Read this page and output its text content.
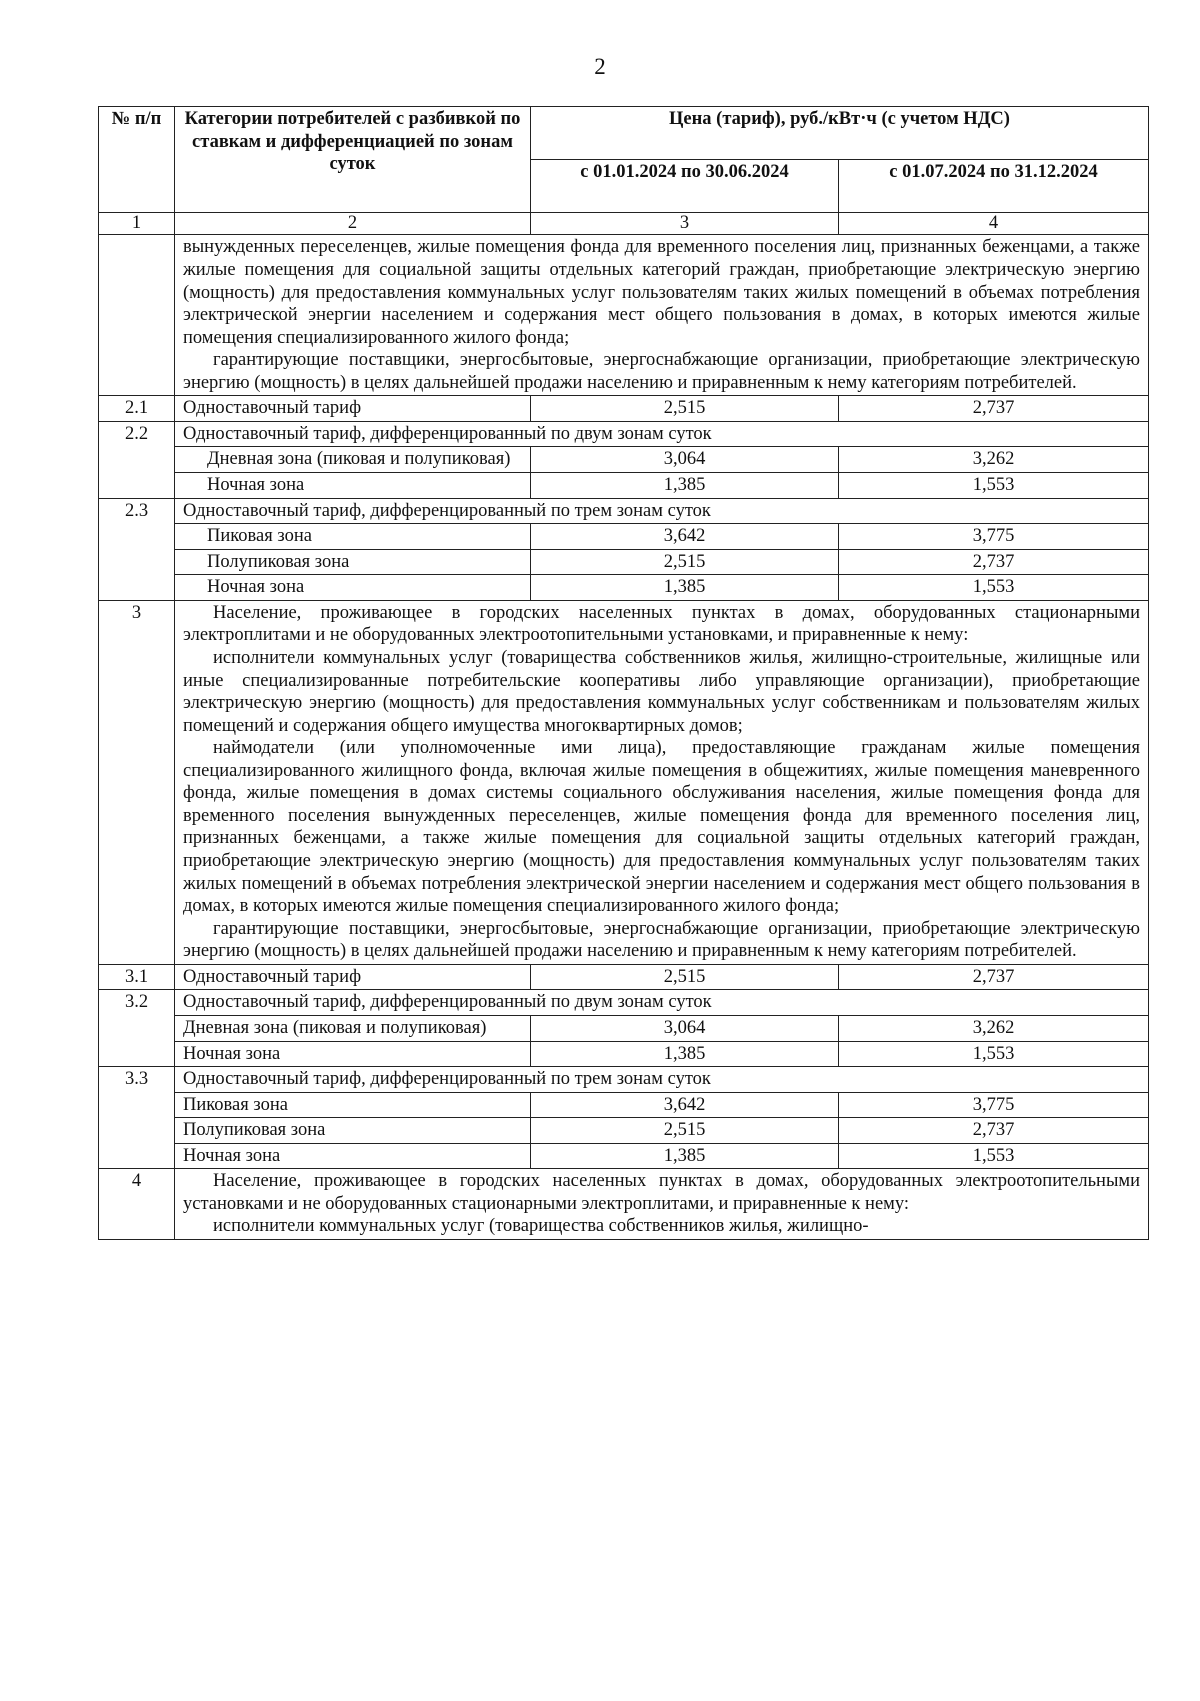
2
№ п/п	Категории потребителей с разбивкой по ставкам и дифференциацией по зонам суток	Цена (тариф), руб./кВт·ч (с учетом НДС)	
		с 01.01.2024 по 30.06.2024	с 01.07.2024 по 31.12.2024
1	2	3	4

	вынужденных переселенцев, жилые помещения фонда для временного поселения лиц, признанных беженцами, а также жилые помещения для социальной защиты отдельных категорий граждан, приобретающие электрическую энергию (мощность) для предоставления коммунальных услуг пользователям таких жилых помещений в объемах потребления электрической энергии населением и содержания мест общего пользования в домах, в которых имеются жилые помещения специализированного жилого фонда;

гарантирующие поставщики, энергосбытовые, энергоснабжающие организации, приобретающие электрическую энергию (мощность) в целях дальнейшей продажи населению и приравненным к нему категориям потребителей.		

2.1	Одноставочный тариф	2,515	2,737
2.2	Одноставочный тариф, дифференцированный по двум зонам суток		
	Дневная зона (пиковая и полупиковая)	3,064	3,262
	Ночная зона	1,385	1,553
2.3	Одноставочный тариф, дифференцированный по трем зонам суток		
	Пиковая зона	3,642	3,775
	Полупиковая зона	2,515	2,737
	Ночная зона	1,385	1,553
3	Население, проживающее в городских населенных пунктах в домах, оборудованных стационарными электроплитами и не оборудованных электроотопительными установками, и приравненные к нему:

исполнители коммунальных услуг (товарищества собственников жилья, жилищно-строительные, жилищные или иные специализированные потребительские кооперативы либо управляющие организации), приобретающие электрическую энергию (мощность) для предоставления коммунальных услуг собственникам и пользователям жилых помещений и содержания общего имущества многоквартирных домов;

наймодатели (или уполномоченные ими лица), предоставляющие гражданам жилые помещения специализированного жилищного фонда, включая жилые помещения в общежитиях, жилые помещения маневренного фонда, жилые помещения в домах системы социального обслуживания населения, жилые помещения фонда для временного поселения вынужденных переселенцев, жилые помещения фонда для временного поселения лиц, признанных беженцами, а также жилые помещения для социальной защиты отдельных категорий граждан, приобретающие электрическую энергию (мощность) для предоставления коммунальных услуг пользователям таких жилых помещений в объемах потребления электрической энергии населением и содержания мест общего пользования в домах, в которых имеются жилые помещения специализированного жилого фонда;

гарантирующие поставщики, энергосбытовые, энергоснабжающие организации, приобретающие электрическую энергию (мощность) в целях дальнейшей продажи населению и приравненным к нему категориям потребителей.		

3.1	Одноставочный тариф	2,515	2,737
3.2	Одноставочный тариф, дифференцированный по двум зонам суток		
	Дневная зона (пиковая и полупиковая)	3,064	3,262
	Ночная зона	1,385	1,553
3.3	Одноставочный тариф, дифференцированный по трем зонам суток		
	Пиковая зона	3,642	3,775
	Полупиковая зона	2,515	2,737
	Ночная зона	1,385	1,553
4	Население, проживающее в городских населенных пунктах в домах, оборудованных электроотопительными установками и не оборудованных стационарными электроплитами, и приравненные к нему:

исполнители коммунальных услуг (товарищества собственников жилья, жилищно-		
